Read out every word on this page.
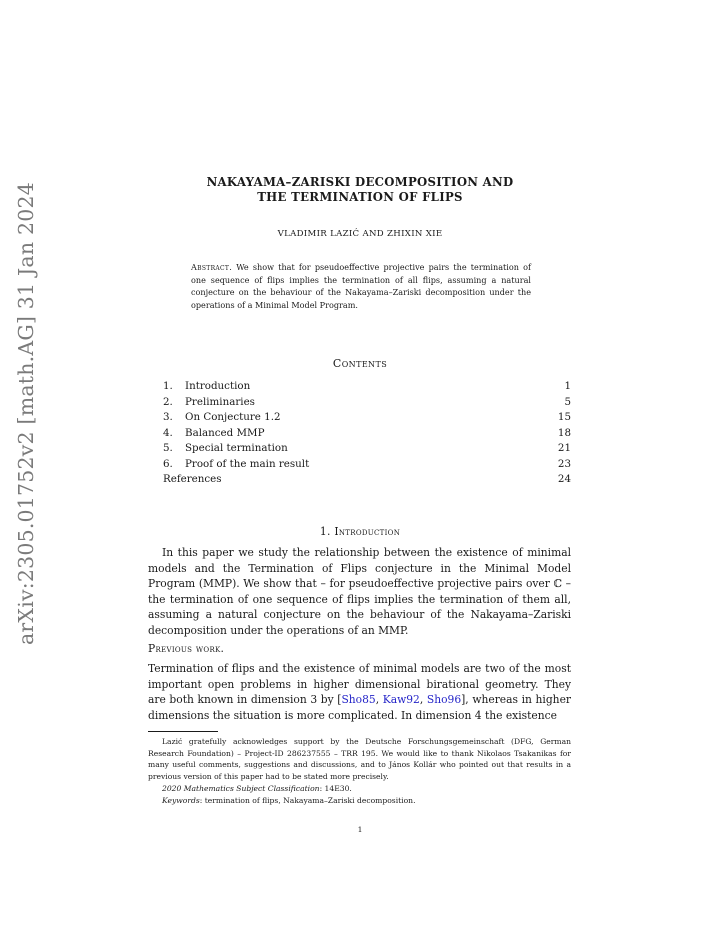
arXiv:2305.01752v2 [math.AG] 31 Jan 2024
NAKAYAMA–ZARISKI DECOMPOSITION AND
THE TERMINATION OF FLIPS
VLADIMIR LAZIĆ AND ZHIXIN XIE
Abstract. We show that for pseudoeffective projective pairs the termination of one sequence of flips implies the termination of all flips, assuming a natural conjecture on the behaviour of the Nakayama–Zariski decomposition under the operations of a Minimal Model Program.
Contents
1.	Introduction	1
2.	Preliminaries	5
3.	On Conjecture 1.2	15
4.	Balanced MMP	18
5.	Special termination	21
6.	Proof of the main result	23
References	24
1. Introduction
In this paper we study the relationship between the existence of minimal models and the Termination of Flips conjecture in the Minimal Model Program (MMP). We show that – for pseudoeffective projective pairs over ℂ – the termination of one sequence of flips implies the termination of them all, assuming a natural conjecture on the behaviour of the Nakayama–Zariski decomposition under the operations of an MMP.
Previous work.
Termination of flips and the existence of minimal models are two of the most important open problems in higher dimensional birational geometry. They are both known in dimension 3 by [Sho85, Kaw92, Sho96], whereas in higher dimensions the situation is more complicated. In dimension 4 the existence

Lazić gratefully acknowledges support by the Deutsche Forschungsgemeinschaft (DFG, German Research Foundation) – Project-ID 286237555 – TRR 195. We would like to thank Nikolaos Tsakanikas for many useful comments, suggestions and discussions, and to János Kollár who pointed out that results in a previous version of this paper had to be stated more precisely.

2020 Mathematics Subject Classification: 14E30.

Keywords: termination of flips, Nakayama–Zariski decomposition.

1
